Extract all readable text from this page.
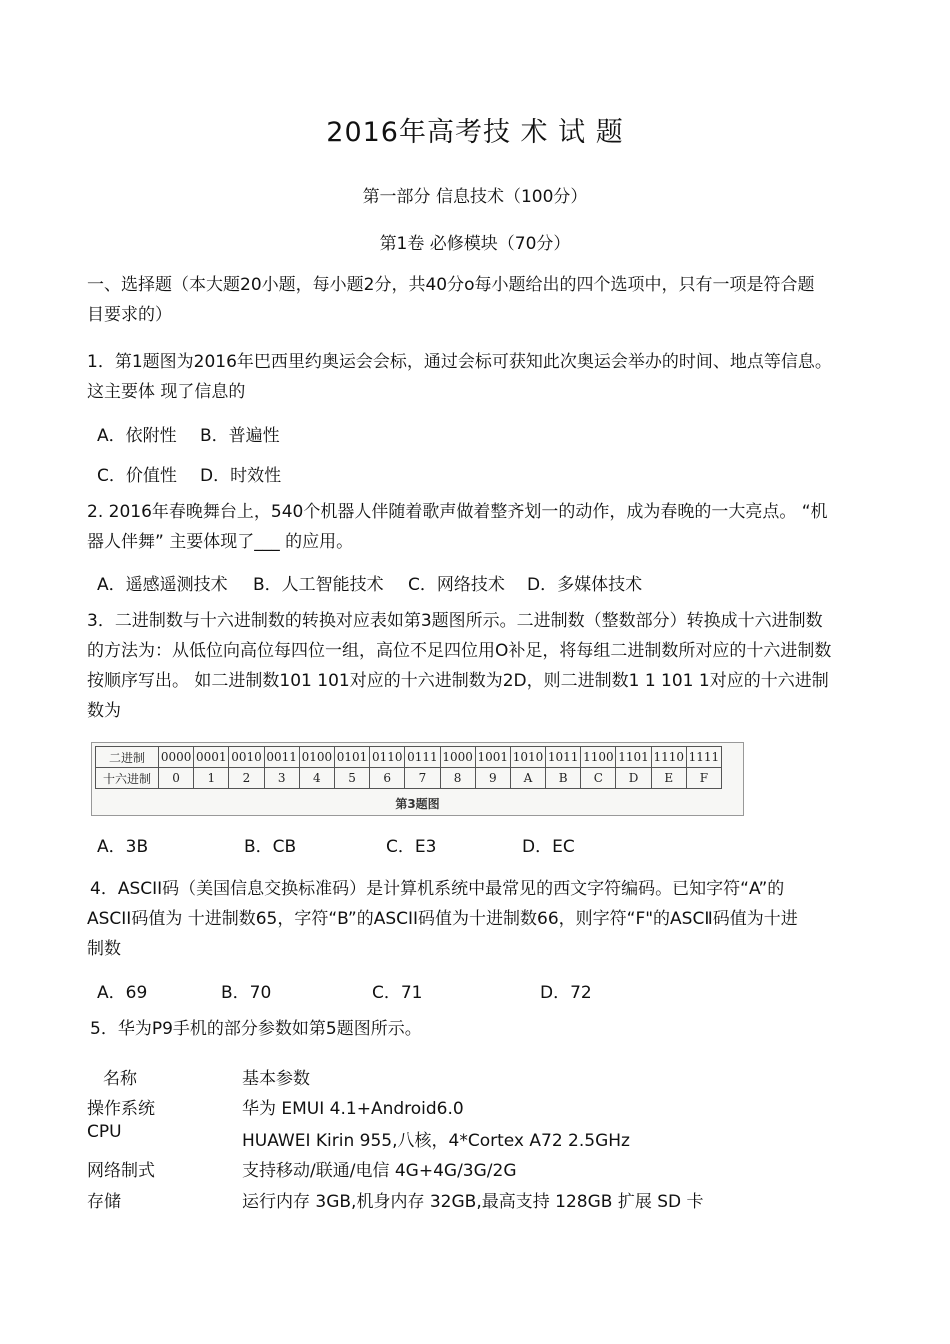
2016年高考技 术 试 题
第一部分 信息技术（100分）
第1卷 必修模块（70分）
一、选择题（本大题20小题，每小题2分，共40分o每小题给出的四个选项中，只有一项是符合题
目要求的）
1．第1题图为2016年巴西里约奥运会会标，通过会标可获知此次奥运会举办的时间、地点等信息。
这主要体 现了信息的
A．依附性 B．普遍性
C．价值性 D．时效性
2. 2016年春晚舞台上，540个机器人伴随着歌声做着整齐划一的动作，成为春晚的一大亮点。 “机
器人伴舞” 主要体现了___ 的应用。
A．遥感遥测技术 B．人工智能技术 C．网络技术 D．多媒体技术
3．二进制数与十六进制数的转换对应表如第3题图所示。二进制数（整数部分）转换成十六进制数
的方法为：从低位向高位每四位一组，高位不足四位用O补足，将每组二进制数所对应的十六进制数
按顺序写出。 如二进制数101 101对应的十六进制数为2D，则二进制数1 1 101 1对应的十六进制
数为
二进制	0000	0001	0010	0011	0100	0101	0110	0111	1000	1001	1010	1011	1100	1101	1110	1111
十六进制	0	1	2	3	4	5	6	7	8	9	A	B	C	D	E	F
第3题图
A．3B	B．CB	C．E3	D．EC
4．ASCII码（美国信息交换标准码）是计算机系统中最常见的西文字符编码。已知字符“A”的
ASCII码值为 十进制数65，字符“B”的ASCII码值为十进制数66，则字符“F"的ASCⅡ码值为十进
制数
A．69	B．70	C．71	D．72
5．华为P9手机的部分参数如第5题图所示。
名称	基本参数
操作系统	华为 EMUI 4.1+Android6.0
CPU	HUAWEI Kirin 955,八核，4*Cortex A72 2.5GHz
网络制式	支持移动/联通/电信 4G+4G/3G/2G
存储	运行内存 3GB,机身内存 32GB,最高支持 128GB 扩展 SD 卡
